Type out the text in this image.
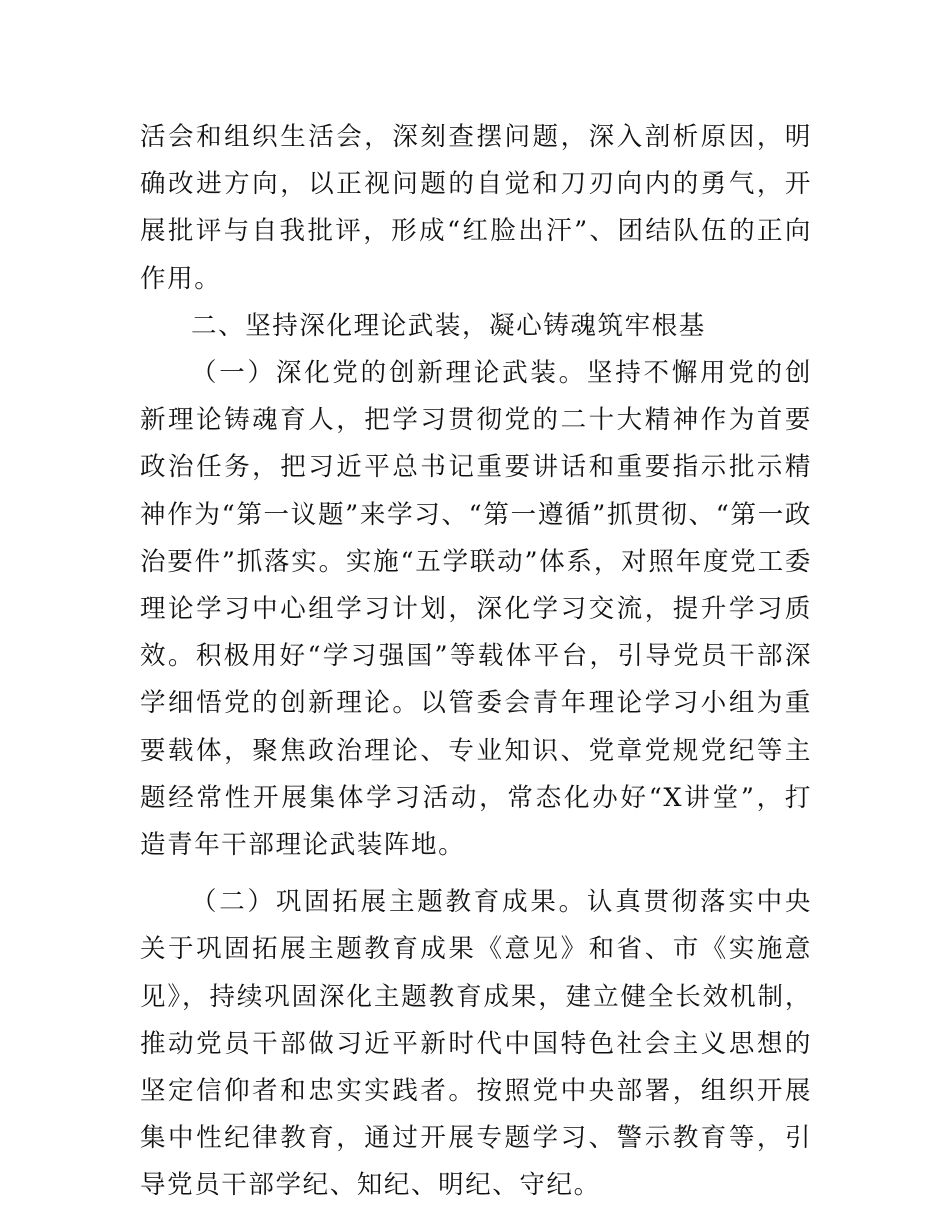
活会和组织生活会，深刻查摆问题，深入剖析原因，明确改进方向，以正视问题的自觉和刀刃向内的勇气，开展批评与自我批评，形成“红脸出汗”、团结队伍的正向作用。

二、坚持深化理论武装，凝心铸魂筑牢根基

（一）深化党的创新理论武装。坚持不懈用党的创新理论铸魂育人，把学习贯彻党的二十大精神作为首要政治任务，把习近平总书记重要讲话和重要指示批示精神作为“第一议题”来学习、“第一遵循”抓贯彻、“第一政治要件”抓落实。实施“五学联动”体系，对照年度党工委理论学习中心组学习计划，深化学习交流，提升学习质效。积极用好“学习强国”等载体平台，引导党员干部深学细悟党的创新理论。以管委会青年理论学习小组为重要载体，聚焦政治理论、专业知识、党章党规党纪等主题经常性开展集体学习活动，常态化办好“X讲堂”，打造青年干部理论武装阵地。

（二）巩固拓展主题教育成果。认真贯彻落实中央关于巩固拓展主题教育成果《意见》和省、市《实施意见》，持续巩固深化主题教育成果，建立健全长效机制，推动党员干部做习近平新时代中国特色社会主义思想的坚定信仰者和忠实实践者。按照党中央部署，组织开展集中性纪律教育，通过开展专题学习、警示教育等，引导党员干部学纪、知纪、明纪、守纪。
